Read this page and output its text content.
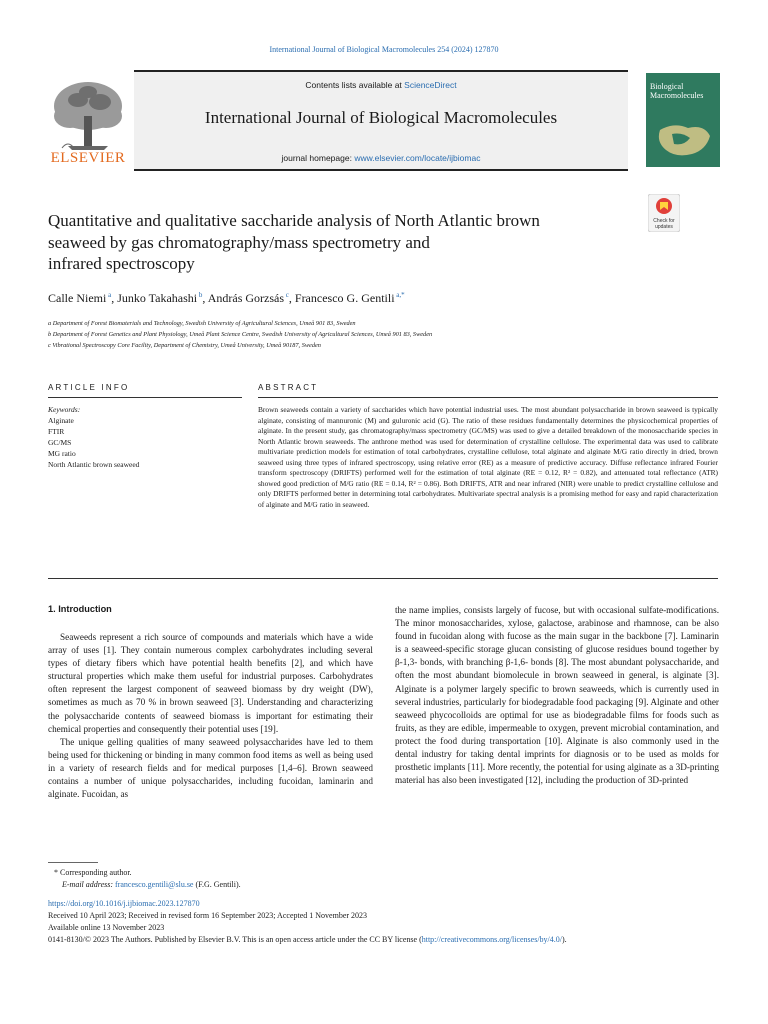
International Journal of Biological Macromolecules 254 (2024) 127870
ELSEVIER
Contents lists available at ScienceDirect
International Journal of Biological Macromolecules
journal homepage: www.elsevier.com/locate/ijbiomac
Biological
Macromolecules
Check for
updates
Quantitative and qualitative saccharide analysis of North Atlantic brown
seaweed by gas chromatography/mass spectrometry and
infrared spectroscopy
Calle Niemi $^a$, Junko Takahashi $^b$, András Gorzsás $^c$, Francesco G. Gentili $^{a,*}$
a Department of Forest Biomaterials and Technology, Swedish University of Agricultural Sciences, Umeå 901 83, Sweden
b Department of Forest Genetics and Plant Physiology, Umeå Plant Science Centre, Swedish University of Agricultural Sciences, Umeå 901 83, Sweden
c Vibrational Spectroscopy Core Facility, Department of Chemistry, Umeå University, Umeå 90187, Sweden
ARTICLE INFO	ABSTRACT
Keywords:
Alginate
FTIR
GC/MS
MG ratio
North Atlantic brown seaweed
Brown seaweeds contain a variety of saccharides which have potential industrial uses. The most abundant polysaccharide in brown seaweed is typically alginate, consisting of mannuronic (M) and guluronic acid (G). The ratio of these residues fundamentally determines the physicochemical properties of alginate. In the present study, gas chromatography/mass spectrometry (GC/MS) was used to give a detailed breakdown of the monosaccharide species in North Atlantic brown seaweeds. The anthrone method was used for determination of crystalline cellulose. The experimental data was used to calibrate multivariate prediction models for estimation of total carbohydrates, crystalline cellulose, total alginate and alginate M/G ratio directly in dried, brown seaweed using three types of infrared spectroscopy, using relative error (RE) as a measure of predictive accuracy. Diffuse reflectance infrared Fourier transform spectroscopy (DRIFTS) performed well for the estimation of total alginate (RE = 0.12, R² = 0.82), and attenuated total reflectance (ATR) showed good prediction of M/G ratio (RE = 0.14, R² = 0.86). Both DRIFTS, ATR and near infrared (NIR) were unable to predict crystalline cellulose and only DRIFTS performed better in determining total carbohydrates. Multivariate spectral analysis is a promising method for easy and rapid characterization of alginate and M/G ratio in seaweed.
1. Introduction

Seaweeds represent a rich source of compounds and materials which have a wide array of uses [1]. They contain numerous complex carbohydrates including several types of dietary fibers which have potential health benefits [2], and which have structural properties which make them useful for industrial purposes. Carbohydrates often represent the largest component of seaweed biomass by dry weight (DW), sometimes as much as 70 % in brown seaweed [3]. Understanding and characterizing the polysaccharide contents of seaweed biomass is important for estimating their chemical properties and consequently their potential uses [19].

The unique gelling qualities of many seaweed polysaccharides have led to them being used for thickening or binding in many common food items as well as being used in a variety of research fields and for medical purposes [1,4–6]. Brown seaweed contains a number of unique polysaccharides, including fucoidan, laminarin and alginate. Fucoidan, as

the name implies, consists largely of fucose, but with occasional sulfate-modifications. The minor monosaccharides, xylose, galactose, arabinose and rhamnose, can be also found in fucoidan along with fucose as the main sugar in the backbone [7]. Laminarin is a seaweed-specific storage glucan consisting of glucose residues bound together by β-1,3- bonds, with branching β-1,6- bonds [8]. The most abundant polysaccharide, and often the most abundant biomolecule in brown seaweed in general, is alginate [3]. Alginate is a polymer largely specific to brown seaweeds, which is currently used in several industries, particularly for biodegradable food packaging [9]. Alginate and other seaweed phycocolloids are optimal for use as biodegradable films for foods such as fruits, as they are edible, impermeable to oxygen, prevent microbial contamination, and protect the food during transportation [10]. Alginate is also commonly used in the dental industry for taking dental imprints for diagnosis or to be used as molds for prosthetic implants [11]. More recently, the potential for using alginate as a 3D-printing material has also been investigated [12], including the production of 3D-printed

* Corresponding author.
E-mail address: francesco.gentili@slu.se (F.G. Gentili).
https://doi.org/10.1016/j.ijbiomac.2023.127870
Received 10 April 2023; Received in revised form 16 September 2023; Accepted 1 November 2023
Available online 13 November 2023
0141-8130/© 2023 The Authors. Published by Elsevier B.V. This is an open access article under the CC BY license (http://creativecommons.org/licenses/by/4.0/).
